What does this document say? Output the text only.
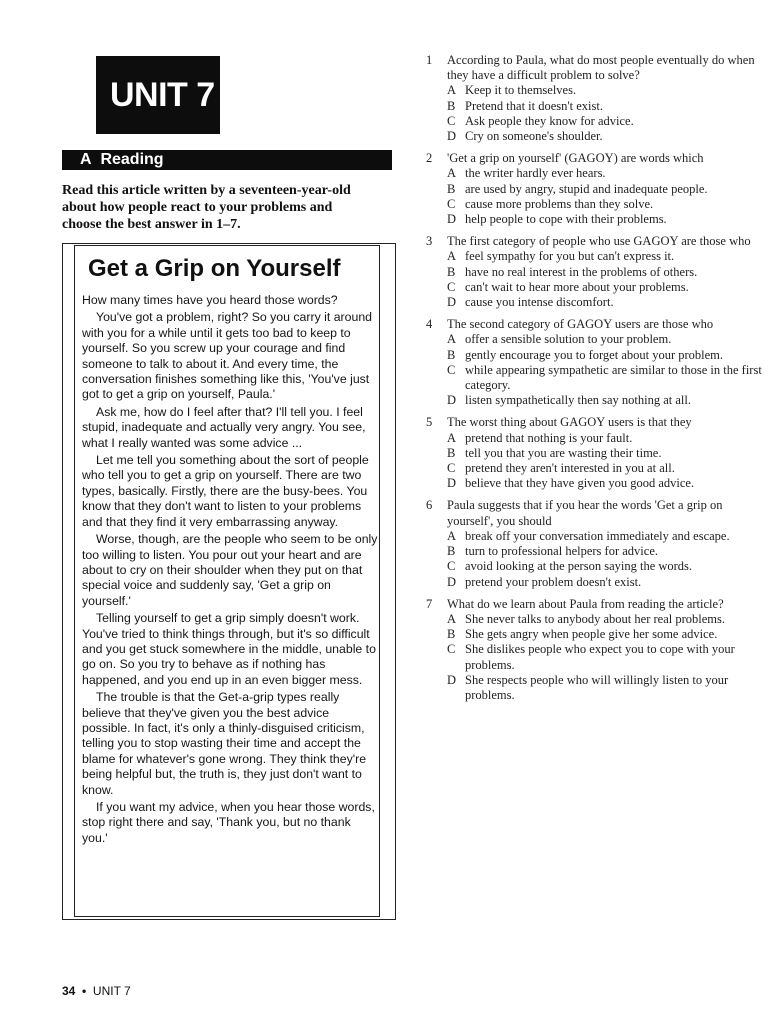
UNIT 7
A Reading
Read this article written by a seventeen-year-old about how people react to your problems and choose the best answer in 1–7.
Get a Grip on Yourself

How many times have you heard those words?

You've got a problem, right? So you carry it around with you for a while until it gets too bad to keep to yourself. So you screw up your courage and find someone to talk to about it. And every time, the conversation finishes something like this, 'You've just got to get a grip on yourself, Paula.'

Ask me, how do I feel after that? I'll tell you. I feel stupid, inadequate and actually very angry. You see, what I really wanted was some advice ...

Let me tell you something about the sort of people who tell you to get a grip on yourself. There are two types, basically. Firstly, there are the busy-bees. You know that they don't want to listen to your problems and that they find it very embarrassing anyway.

Worse, though, are the people who seem to be only too willing to listen. You pour out your heart and are about to cry on their shoulder when they put on that special voice and suddenly say, 'Get a grip on yourself.'

Telling yourself to get a grip simply doesn't work. You've tried to think things through, but it's so difficult and you get stuck somewhere in the middle, unable to go on. So you try to behave as if nothing has happened, and you end up in an even bigger mess.

The trouble is that the Get-a-grip types really believe that they've given you the best advice possible. In fact, it's only a thinly-disguised criticism, telling you to stop wasting their time and accept the blame for whatever's gone wrong. They think they're being helpful but, the truth is, they just don't want to know.

If you want my advice, when you hear those words, stop right there and say, 'Thank you, but no thank you.'

34 • UNIT 7
1	According to Paula, what do most people eventually do when they have a difficult problem to solve?
A Keep it to themselves.
B Pretend that it doesn't exist.
C Ask people they know for advice.
D Cry on someone's shoulder.
2	'Get a grip on yourself' (GAGOY) are words which
A the writer hardly ever hears.
B are used by angry, stupid and inadequate people.
C cause more problems than they solve.
D help people to cope with their problems.
3	The first category of people who use GAGOY are those who
A feel sympathy for you but can't express it.
B have no real interest in the problems of others.
C can't wait to hear more about your problems.
D cause you intense discomfort.
4	The second category of GAGOY users are those who
A offer a sensible solution to your problem.
B gently encourage you to forget about your problem.
C while appearing sympathetic are similar to those in the first category.
D listen sympathetically then say nothing at all.
5	The worst thing about GAGOY users is that they
A pretend that nothing is your fault.
B tell you that you are wasting their time.
C pretend they aren't interested in you at all.
D believe that they have given you good advice.
6	Paula suggests that if you hear the words 'Get a grip on yourself', you should
A break off your conversation immediately and escape.
B turn to professional helpers for advice.
C avoid looking at the person saying the words.
D pretend your problem doesn't exist.
7	What do we learn about Paula from reading the article?
A She never talks to anybody about her real problems.
B She gets angry when people give her some advice.
C She dislikes people who expect you to cope with your problems.
D She respects people who will willingly listen to your problems.
